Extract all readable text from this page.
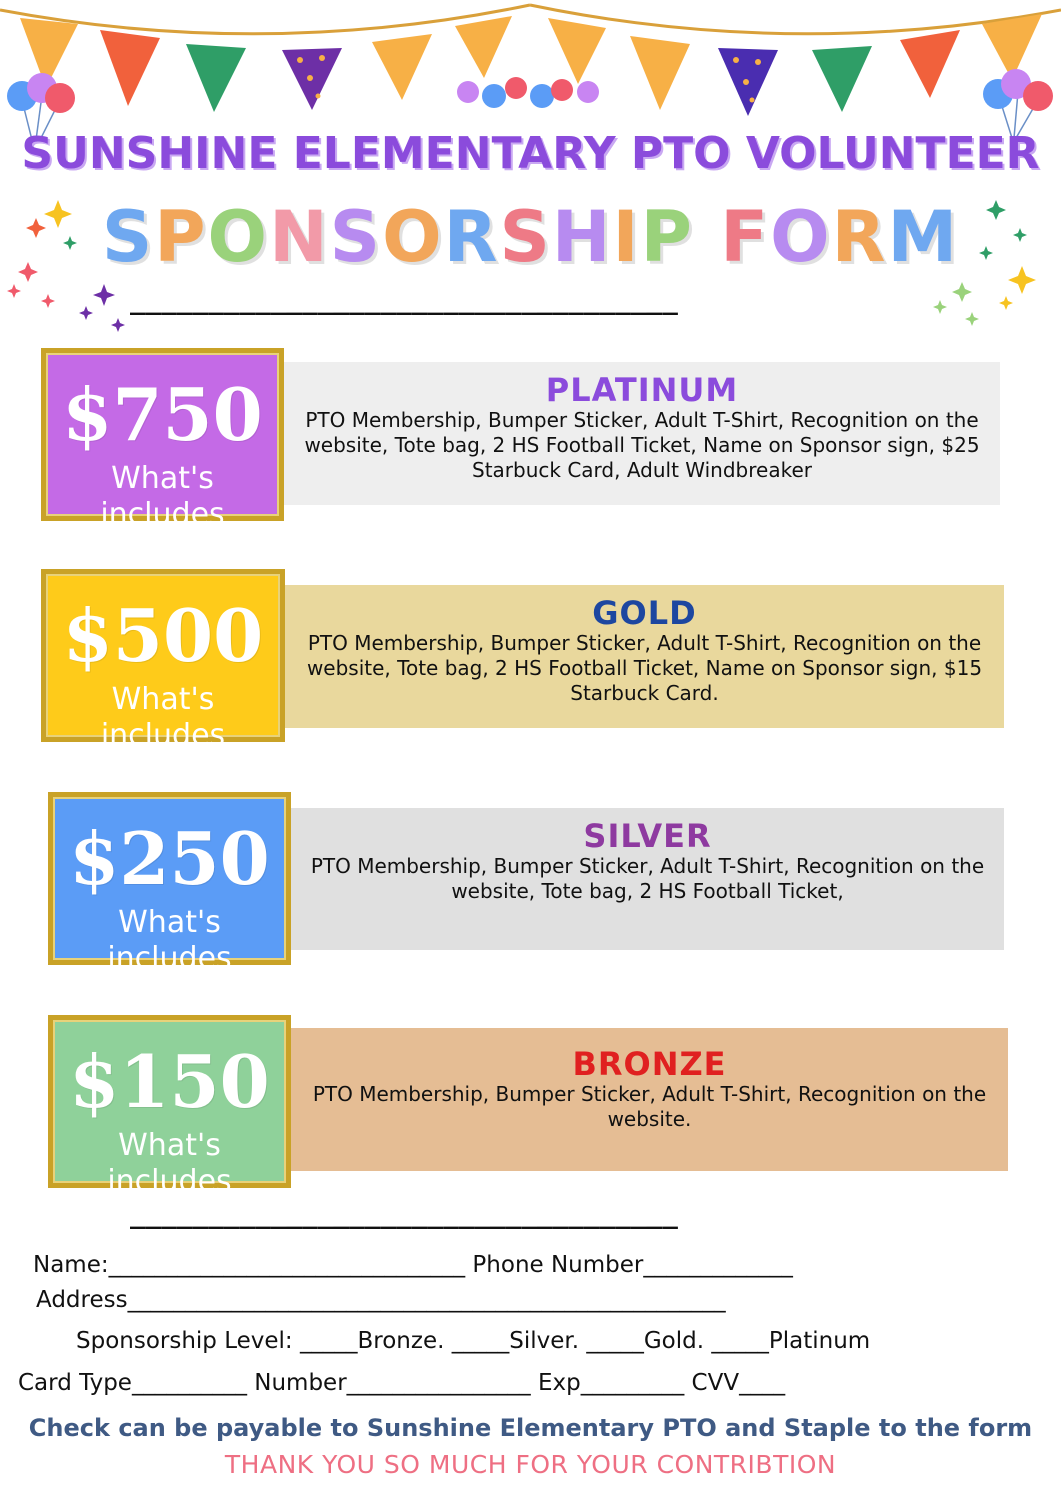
SUNSHINE ELEMENTARY PTO VOLUNTEER
SPONSORSHIP FORM
___________________________________
PLATINUM
PTO Membership, Bumper Sticker, Adult T-Shirt, Recognition on the website, Tote bag, 2 HS Football Ticket, Name on Sponsor sign, $25 Starbuck Card, Adult Windbreaker
$750
What's includes
GOLD
PTO Membership, Bumper Sticker, Adult T-Shirt, Recognition on the website, Tote bag, 2 HS Football Ticket, Name on Sponsor sign, $15 Starbuck Card.
$500
What's includes
SILVER
PTO Membership, Bumper Sticker, Adult T-Shirt, Recognition on the website, Tote bag, 2 HS Football Ticket,
$250
What's includes
BRONZE
PTO Membership, Bumper Sticker, Adult T-Shirt, Recognition on the website.
$150
What's includes
___________________________________
Name:_______________________________ Phone Number_____________
Address____________________________________________________
Sponsorship Level: _____Bronze. _____Silver. _____Gold. _____Platinum
Card Type__________ Number________________ Exp_________ CVV____
Check can be payable to Sunshine Elementary PTO and Staple to the form
THANK YOU SO MUCH FOR YOUR CONTRIBTION
